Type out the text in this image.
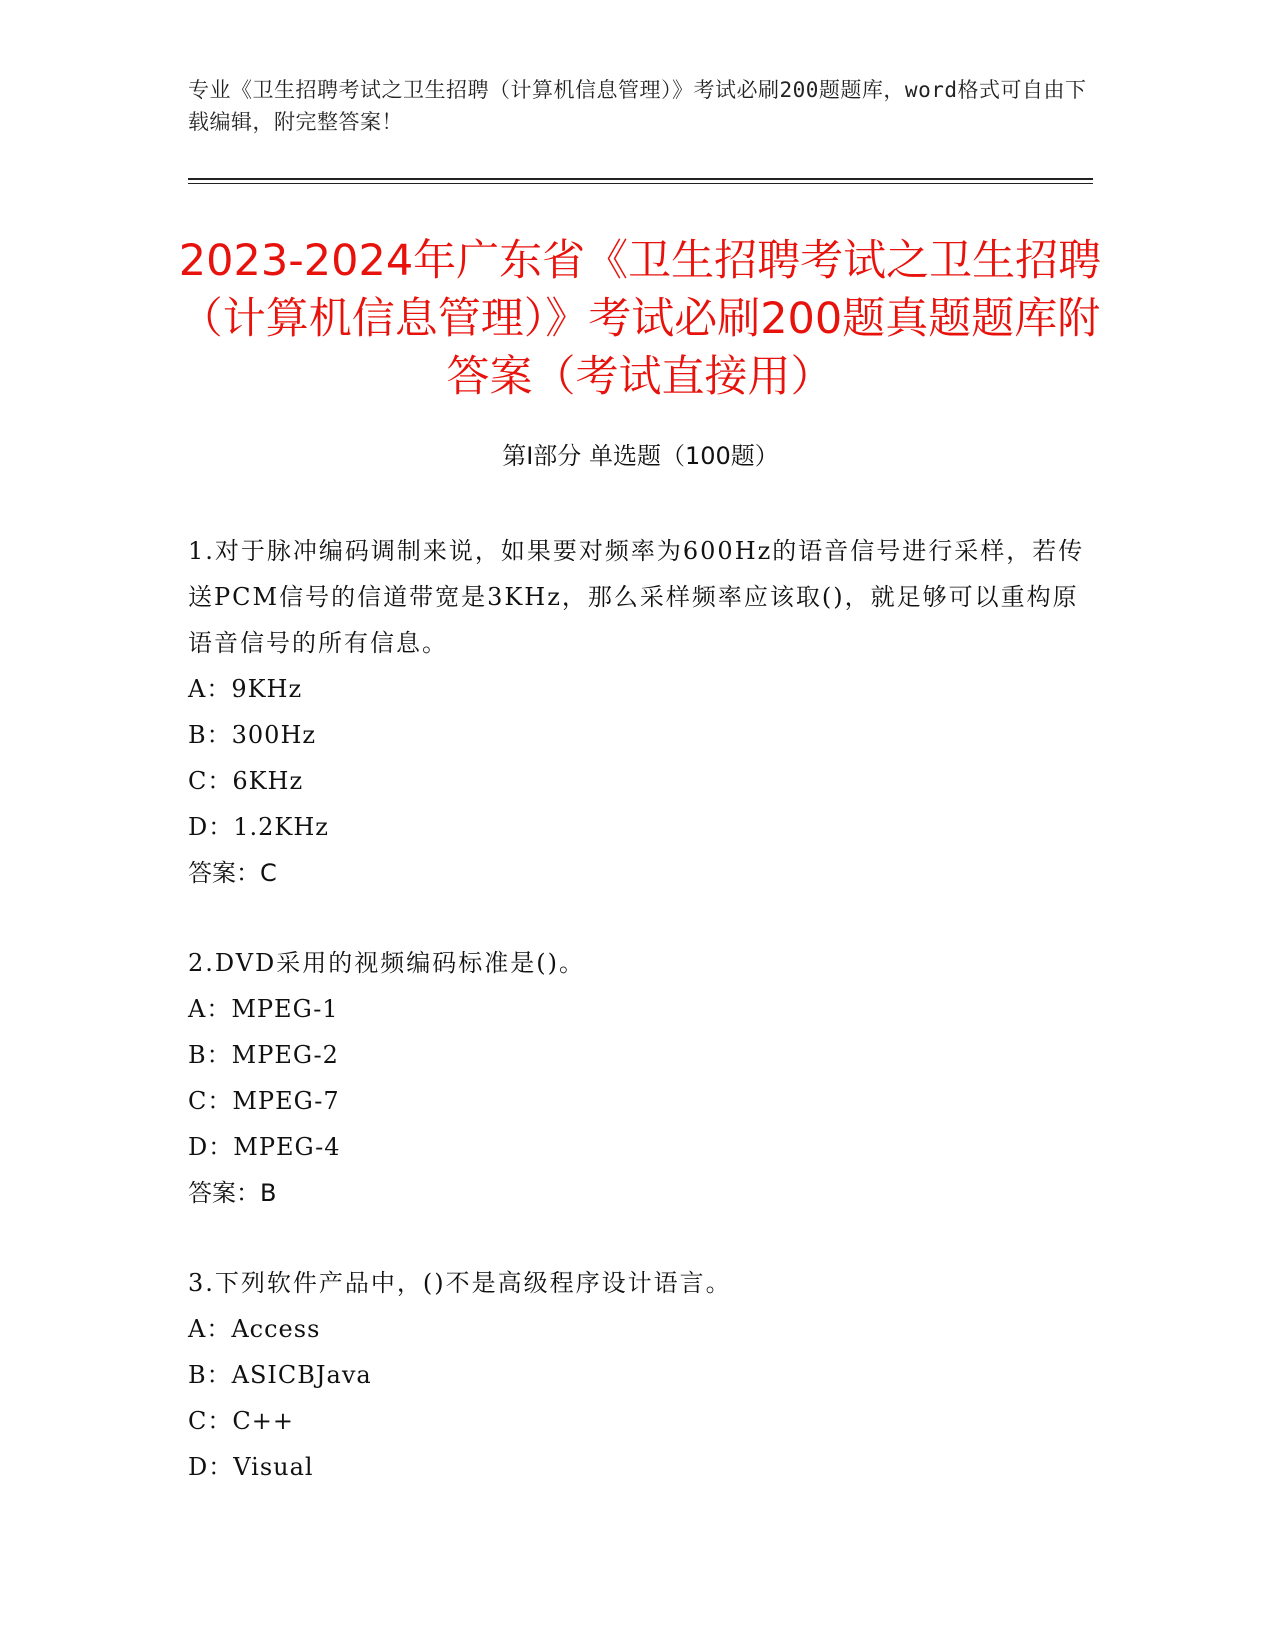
专业《卫生招聘考试之卫生招聘（计算机信息管理）》考试必刷200题题库，word格式可自由下载编辑，附完整答案！
2023-2024年广东省《卫生招聘考试之卫生招聘（计算机信息管理）》考试必刷200题真题题库附答案（考试直接用）
第Ⅰ部分 单选题（100题）

1.对于脉冲编码调制来说，如果要对频率为600Hz的语音信号进行采样，若传送PCM信号的信道带宽是3KHz，那么采样频率应该取()，就足够可以重构原语音信号的所有信息。

A：9KHz

B：300Hz

C：6KHz

D：1.2KHz

答案：C

2.DVD采用的视频编码标准是()。

A：MPEG-1

B：MPEG-2

C：MPEG-7

D：MPEG-4

答案：B

3.下列软件产品中，()不是高级程序设计语言。

A：Access

B：ASICBJava

C：C++

D：Visual
